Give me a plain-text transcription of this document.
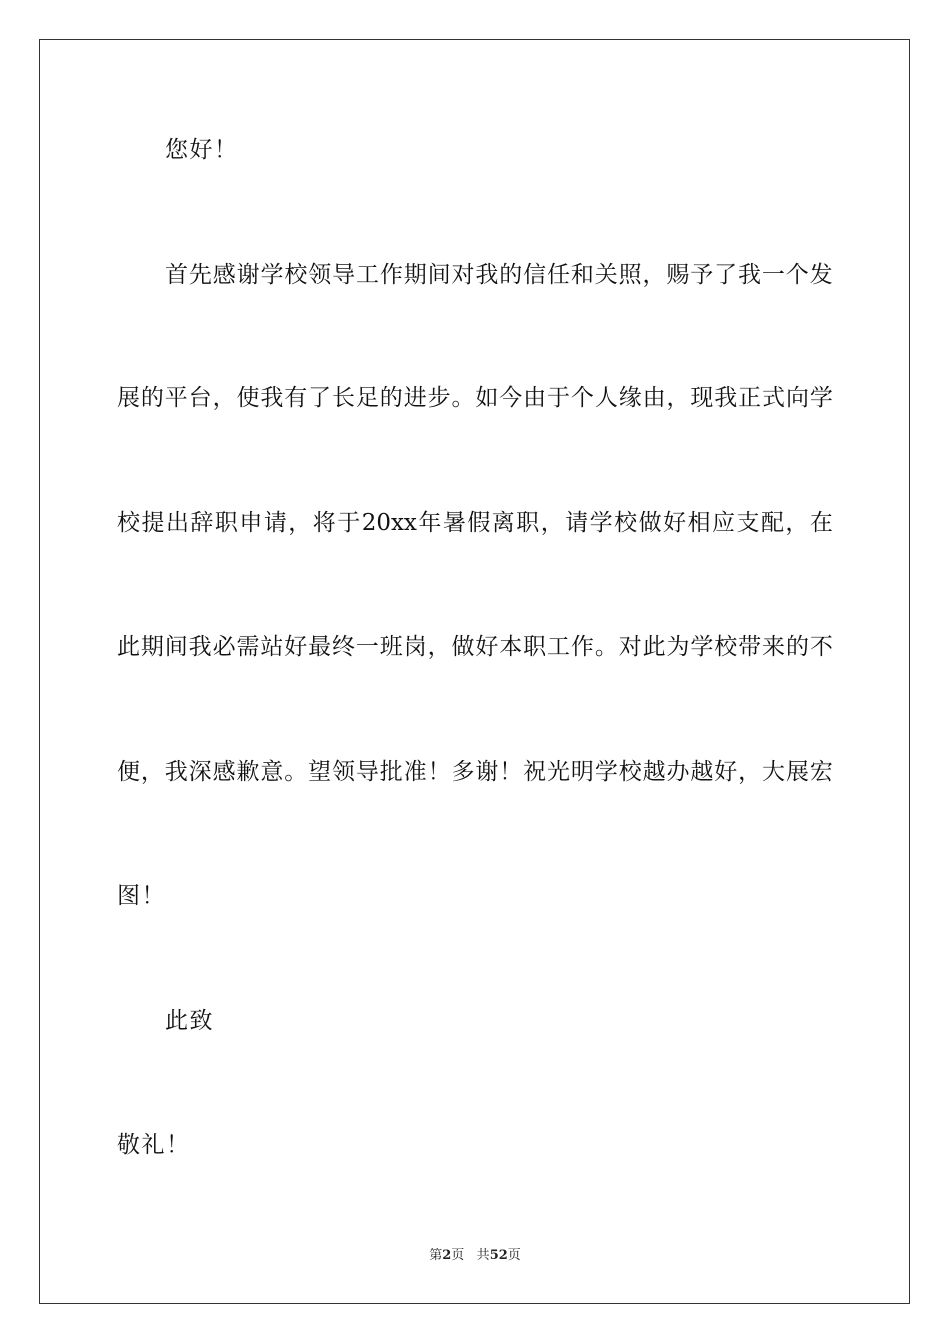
您好！
首 先 感 谢 学 校 领 导 工 作 期 间 对 我 的 信 任 和 关 照 ， 赐 予 了 我 一 个 发
展 的 平 台 ， 使 我 有 了 长 足 的 进 步 。 如 今 由 于 个 人 缘 由 ， 现 我 正 式 向 学
校 提 出 辞 职 申 请 ， 将 于 20xx 年 暑 假 离 职 ， 请 学 校 做 好 相 应 支 配 ， 在
此 期 间 我 必 需 站 好 最 终 一 班 岗 ， 做 好 本 职 工 作 。 对 此 为 学 校 带 来 的 不
便 ， 我 深 感 歉 意 。 望 领 导 批 准 ！ 多 谢 ！ 祝 光 明 学 校 越 办 越 好 ， 大 展 宏
图！
此致
敬礼！
第2页 共52页
